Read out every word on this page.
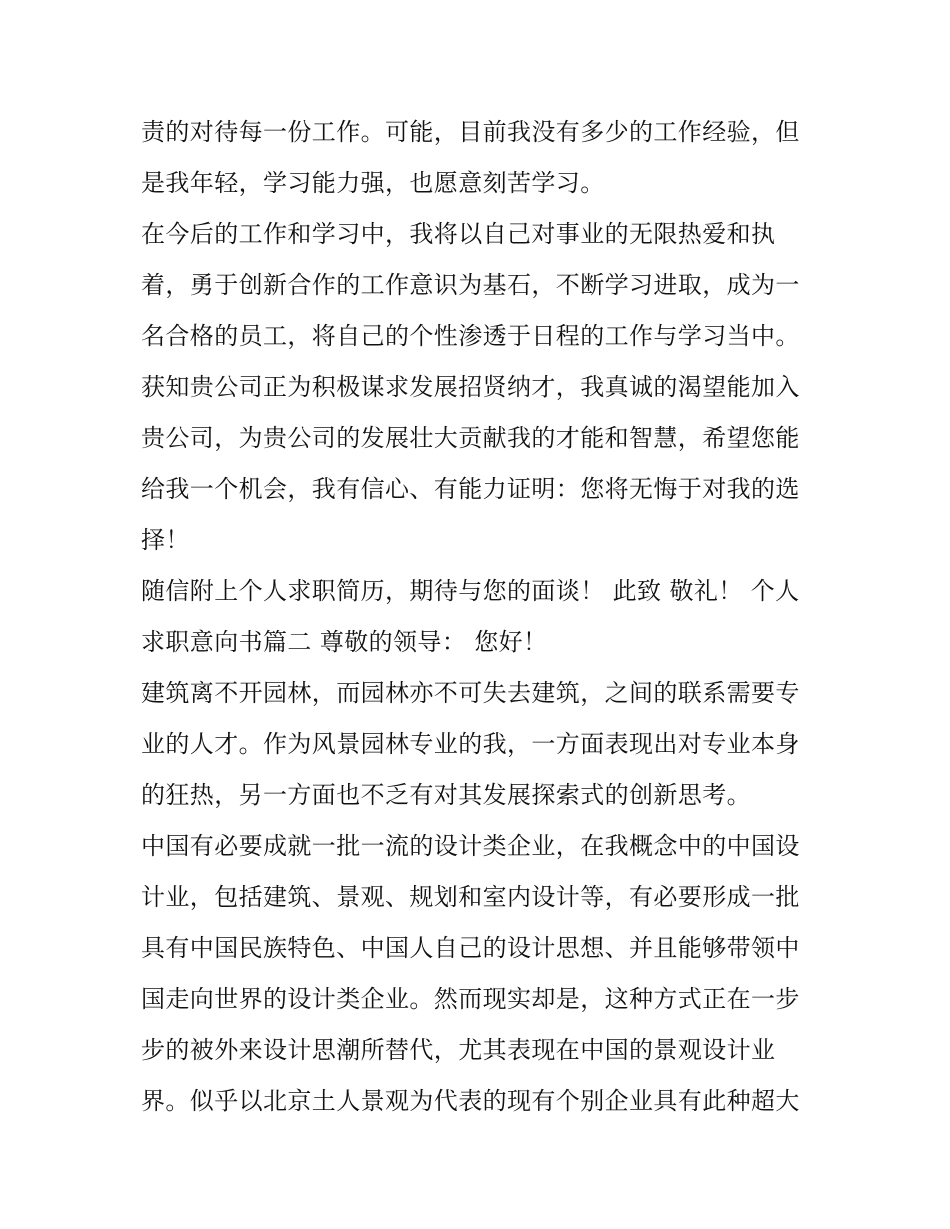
责的对待每一份工作。可能，目前我没有多少的工作经验，但
是我年轻，学习能力强，也愿意刻苦学习。
在今后的工作和学习中，我将以自己对事业的无限热爱和执
着，勇于创新合作的工作意识为基石，不断学习进取，成为一
名合格的员工，将自己的个性渗透于日程的工作与学习当中。
获知贵公司正为积极谋求发展招贤纳才，我真诚的渴望能加入
贵公司，为贵公司的发展壮大贡献我的才能和智慧，希望您能
给我一个机会，我有信心、有能力证明：您将无悔于对我的选
择！
随信附上个人求职简历，期待与您的面谈！ 此致 敬礼！ 个人
求职意向书篇二 尊敬的领导： 您好！
建筑离不开园林，而园林亦不可失去建筑，之间的联系需要专
业的人才。作为风景园林专业的我，一方面表现出对专业本身
的狂热，另一方面也不乏有对其发展探索式的创新思考。
中国有必要成就一批一流的设计类企业，在我概念中的中国设
计业，包括建筑、景观、规划和室内设计等，有必要形成一批
具有中国民族特色、中国人自己的设计思想、并且能够带领中
国走向世界的设计类企业。然而现实却是，这种方式正在一步
步的被外来设计思潮所替代，尤其表现在中国的景观设计业
界。似乎以北京土人景观为代表的现有个别企业具有此种超大
